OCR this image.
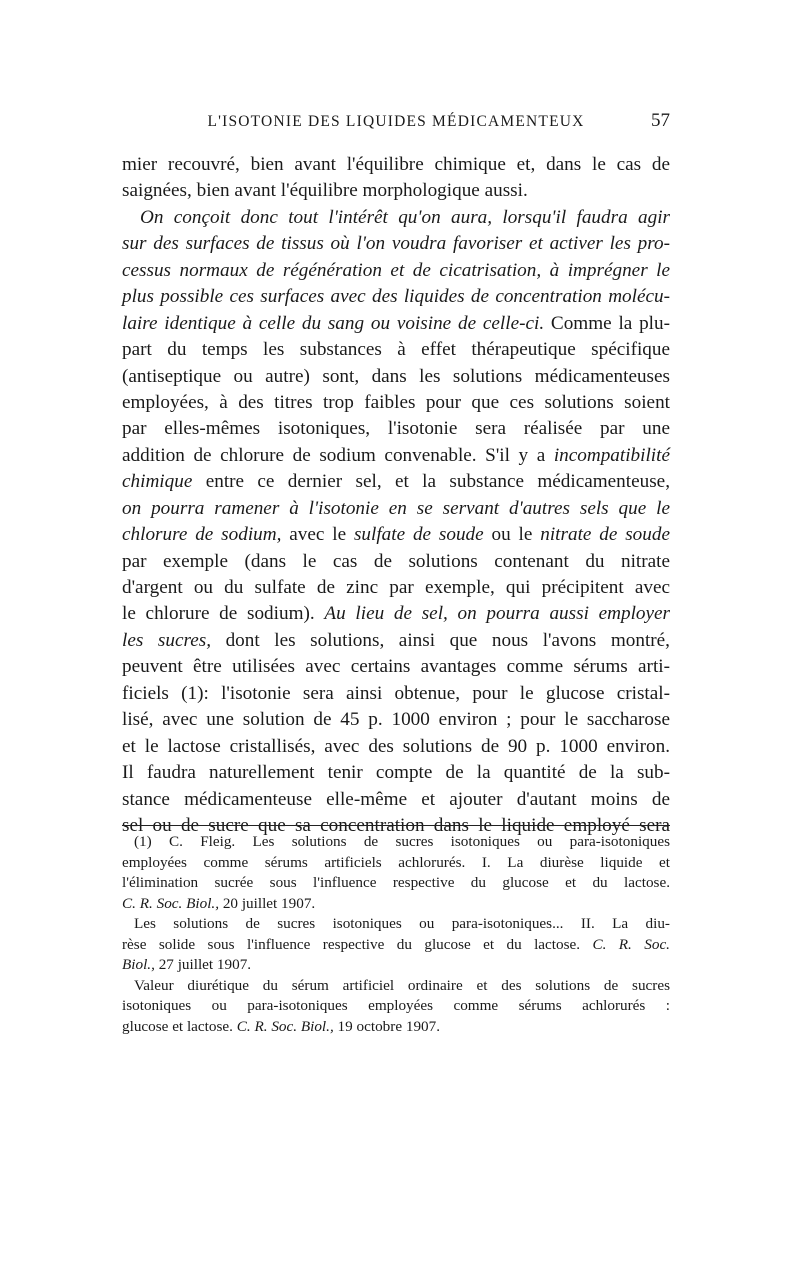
L'ISOTONIE DES LIQUIDES MÉDICAMENTEUX	57
mier recouvré, bien avant l'équilibre chimique et, dans le cas de
saignées, bien avant l'équilibre morphologique aussi.
On conçoit donc tout l'intérêt qu'on aura, lorsqu'il faudra agir
sur des surfaces de tissus où l'on voudra favoriser et activer les pro-
cessus normaux de régénération et de cicatrisation, à imprégner le
plus possible ces surfaces avec des liquides de concentration molécu-
laire identique à celle du sang ou voisine de celle-ci. Comme la plu-
part du temps les substances à effet thérapeutique spécifique
(antiseptique ou autre) sont, dans les solutions médicamenteuses
employées, à des titres trop faibles pour que ces solutions soient
par elles-mêmes isotoniques, l'isotonie sera réalisée par une
addition de chlorure de sodium convenable. S'il y a incompatibilité
chimique entre ce dernier sel, et la substance médicamenteuse,
on pourra ramener à l'isotonie en se servant d'autres sels que le
chlorure de sodium, avec le sulfate de soude ou le nitrate de soude
par exemple (dans le cas de solutions contenant du nitrate
d'argent ou du sulfate de zinc par exemple, qui précipitent avec
le chlorure de sodium). Au lieu de sel, on pourra aussi employer
les sucres, dont les solutions, ainsi que nous l'avons montré,
peuvent être utilisées avec certains avantages comme sérums arti-
ficiels (1): l'isotonie sera ainsi obtenue, pour le glucose cristal-
lisé, avec une solution de 45 p. 1000 environ ; pour le saccharose
et le lactose cristallisés, avec des solutions de 90 p. 1000 environ.
Il faudra naturellement tenir compte de la quantité de la sub-
stance médicamenteuse elle-même et ajouter d'autant moins de
sel ou de sucre que sa concentration dans le liquide employé sera
(1) C. Fleig. Les solutions de sucres isotoniques ou para-isotoniques
employées comme sérums artificiels achlorurés. I. La diurèse liquide et
l'élimination sucrée sous l'influence respective du glucose et du lactose.
C. R. Soc. Biol., 20 juillet 1907.
Les solutions de sucres isotoniques ou para-isotoniques... II. La diu-
rèse solide sous l'influence respective du glucose et du lactose. C. R. Soc.
Biol., 27 juillet 1907.
Valeur diurétique du sérum artificiel ordinaire et des solutions de sucres
isotoniques ou para-isotoniques employées comme sérums achlorurés :
glucose et lactose. C. R. Soc. Biol., 19 octobre 1907.
